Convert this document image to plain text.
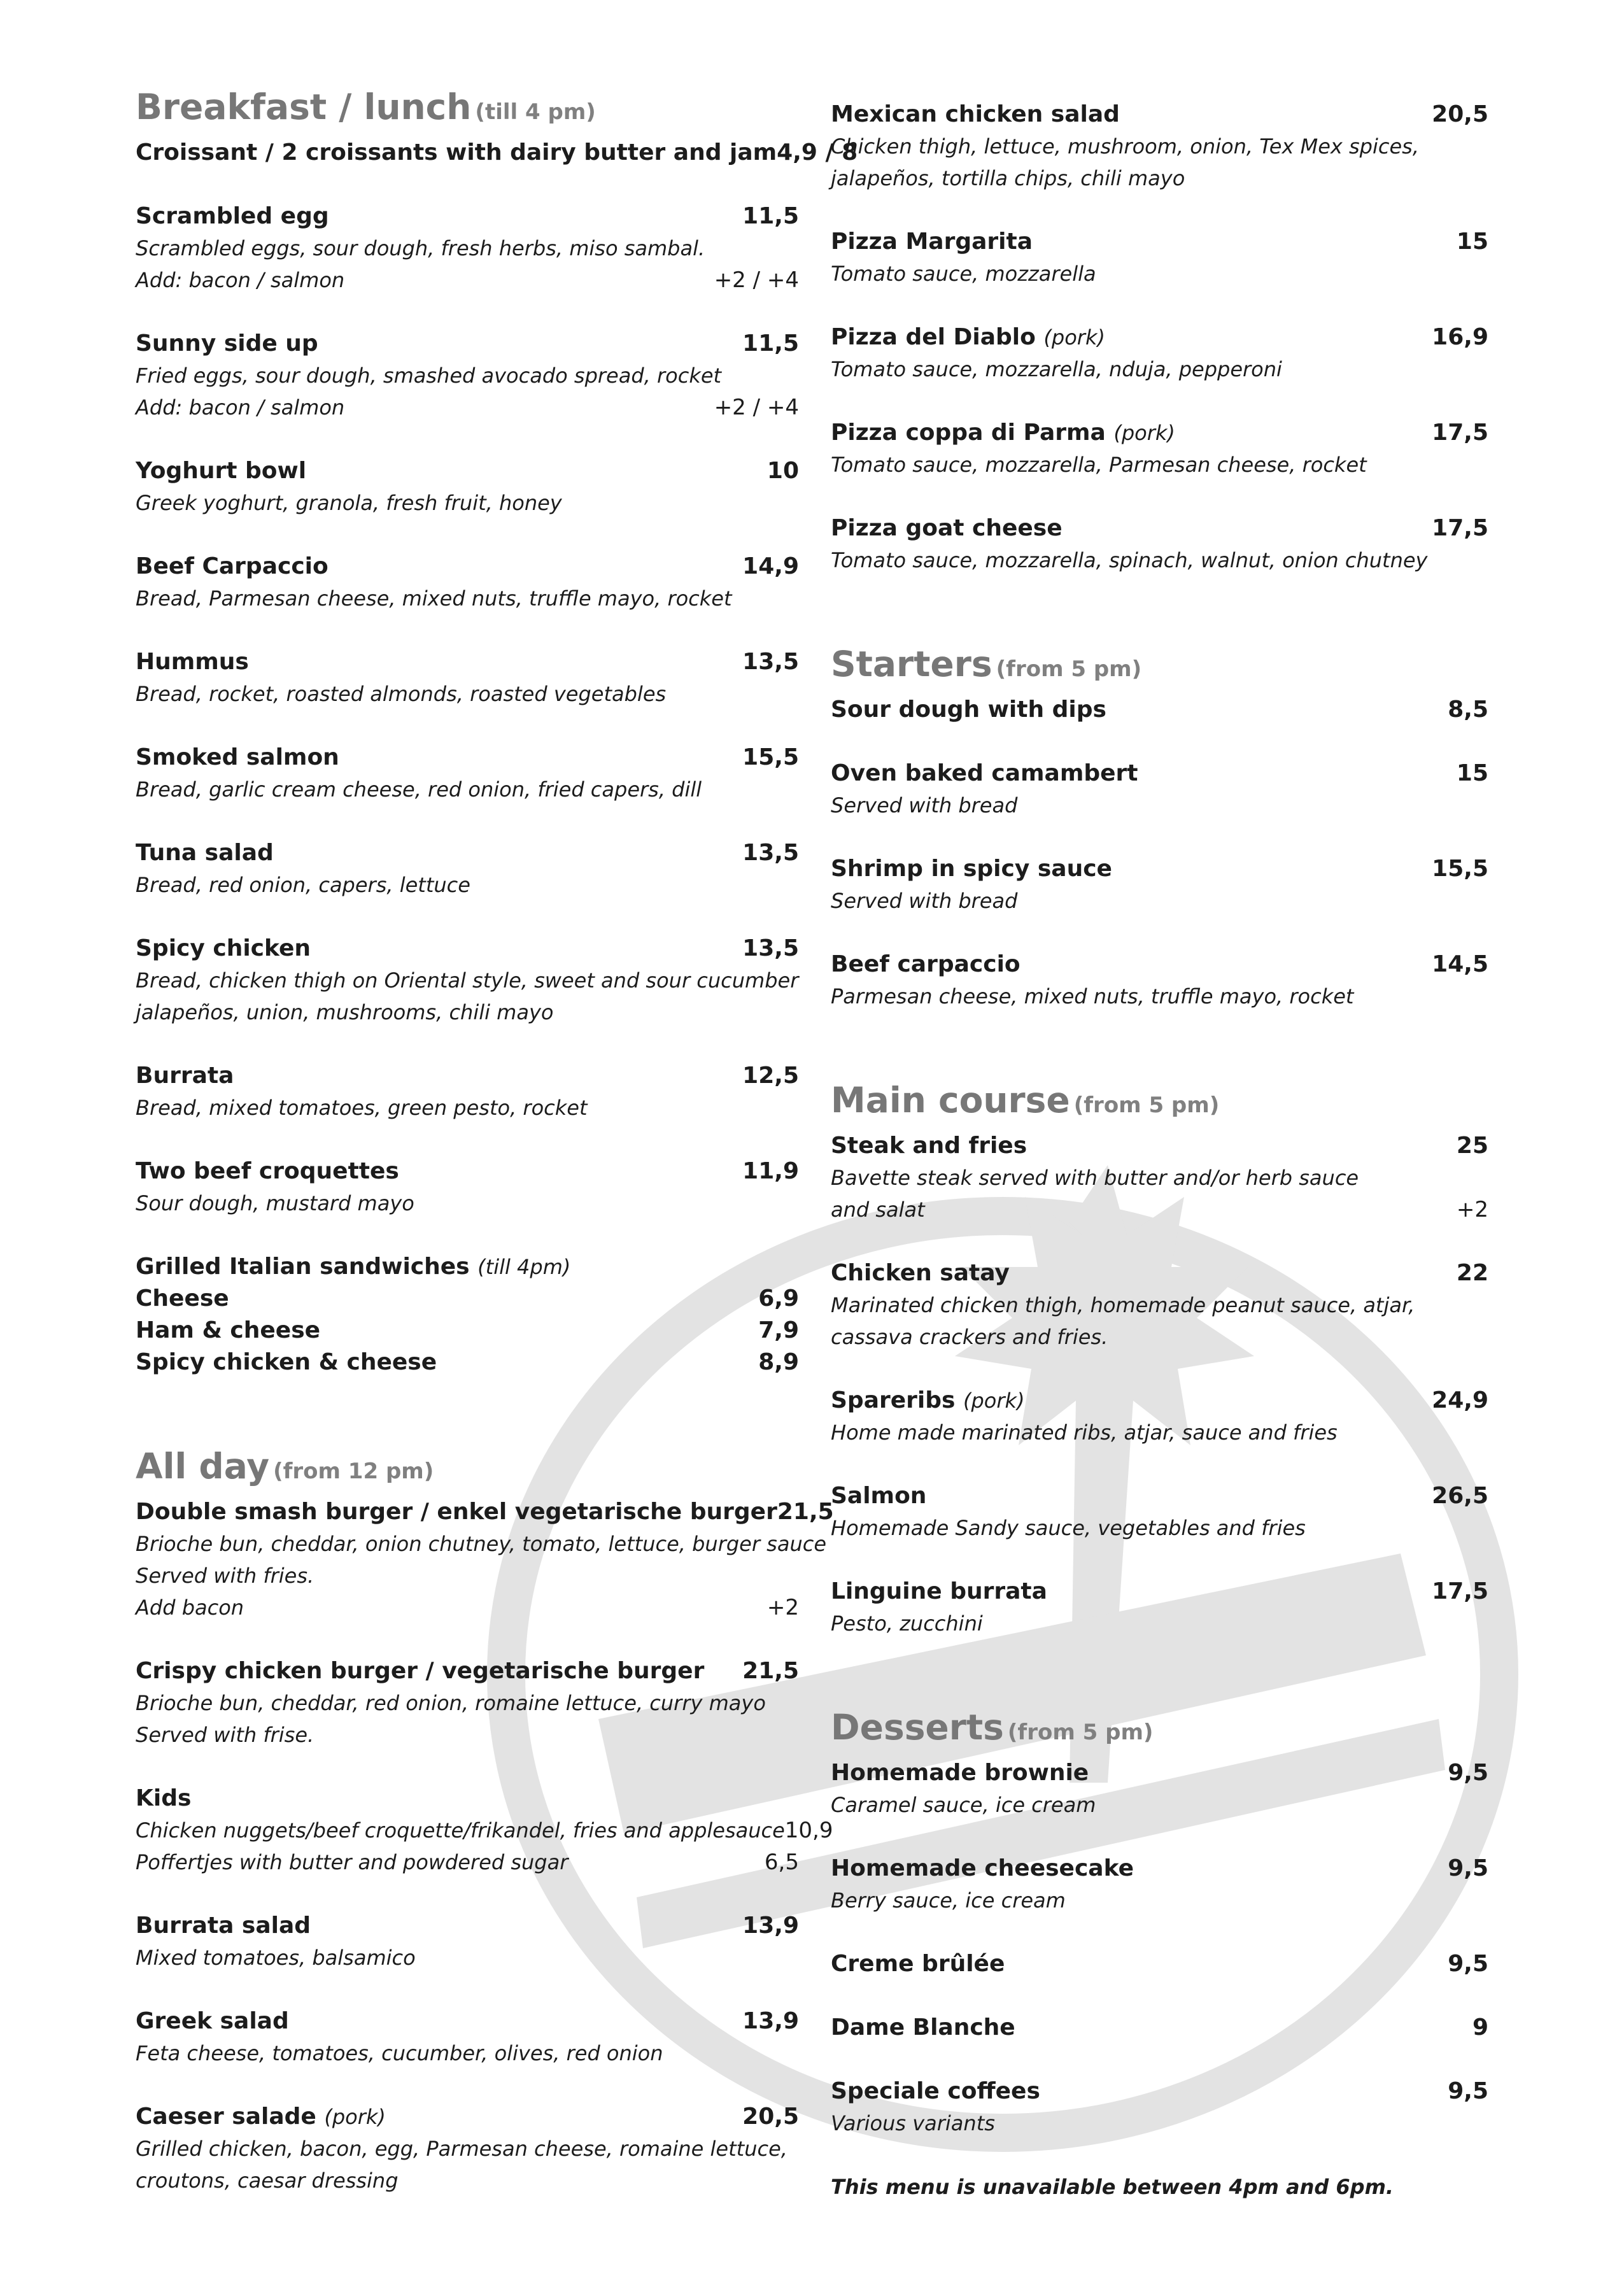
Breakfast / lunch (till 4 pm)
Croissant / 2 croissants with dairy butter and jam 4,9 / 8
Scrambled egg	11,5
Scrambled eggs, sour dough, fresh herbs, miso sambal.
Add: bacon / salmon	+2 / +4
Sunny side up	11,5
Fried eggs, sour dough, smashed avocado spread, rocket
Add: bacon / salmon	+2 / +4
Yoghurt bowl	10
Greek yoghurt, granola, fresh fruit, honey
Beef Carpaccio	14,9
Bread, Parmesan cheese, mixed nuts, truffle mayo, rocket
Hummus	13,5
Bread, rocket, roasted almonds, roasted vegetables
Smoked salmon	15,5
Bread, garlic cream cheese, red onion, fried capers, dill
Tuna salad	13,5
Bread, red onion, capers, lettuce
Spicy chicken	13,5
Bread, chicken thigh on Oriental style, sweet and sour cucumber
jalapeños, union, mushrooms, chili mayo
Burrata	12,5
Bread, mixed tomatoes, green pesto, rocket
Two beef croquettes	11,9
Sour dough, mustard mayo
Grilled Italian sandwiches (till 4pm)
Cheese	6,9
Ham & cheese	7,9
Spicy chicken & cheese	8,9
All day (from 12 pm)
Double smash burger / enkel vegetarische burger 21,5
Brioche bun, cheddar, onion chutney, tomato, lettuce, burger sauce
Served with fries.
Add bacon	+2
Crispy chicken burger / vegetarische burger 21,5
Brioche bun, cheddar, red onion, romaine lettuce, curry mayo
Served with frise.
Kids
Chicken nuggets/beef croquette/frikandel, fries and applesauce 10,9
Poffertjes with butter and powdered sugar	6,5
Burrata salad	13,9
Mixed tomatoes, balsamico
Greek salad	13,9
Feta cheese, tomatoes, cucumber, olives, red onion
Caeser salade (pork)	20,5
Grilled chicken, bacon, egg, Parmesan cheese, romaine lettuce,
croutons, caesar dressing
Mexican chicken salad	20,5
Chicken thigh, lettuce, mushroom, onion, Tex Mex spices,
jalapeños, tortilla chips, chili mayo
Pizza Margarita	15
Tomato sauce, mozzarella
Pizza del Diablo (pork)	16,9
Tomato sauce, mozzarella, nduja, pepperoni
Pizza coppa di Parma (pork)	17,5
Tomato sauce, mozzarella, Parmesan cheese, rocket
Pizza goat cheese	17,5
Tomato sauce, mozzarella, spinach, walnut, onion chutney
Starters (from 5 pm)
Sour dough with dips	8,5
Oven baked camambert	15
Served with bread
Shrimp in spicy sauce	15,5
Served with bread
Beef carpaccio	14,5
Parmesan cheese, mixed nuts, truffle mayo, rocket
Main course (from 5 pm)
Steak and fries	25
Bavette steak served with butter and/or herb sauce
and salat	+2
Chicken satay	22
Marinated chicken thigh, homemade peanut sauce, atjar,
cassava crackers and fries.
Spareribs (pork)	24,9
Home made marinated ribs, atjar, sauce and fries
Salmon	26,5
Homemade Sandy sauce, vegetables and fries
Linguine burrata	17,5
Pesto, zucchini
Desserts (from 5 pm)
Homemade brownie	9,5
Caramel sauce, ice cream
Homemade cheesecake	9,5
Berry sauce, ice cream
Creme brûlée	9,5
Dame Blanche	9
Speciale coffees	9,5
Various variants
This menu is unavailable between 4pm and 6pm.
